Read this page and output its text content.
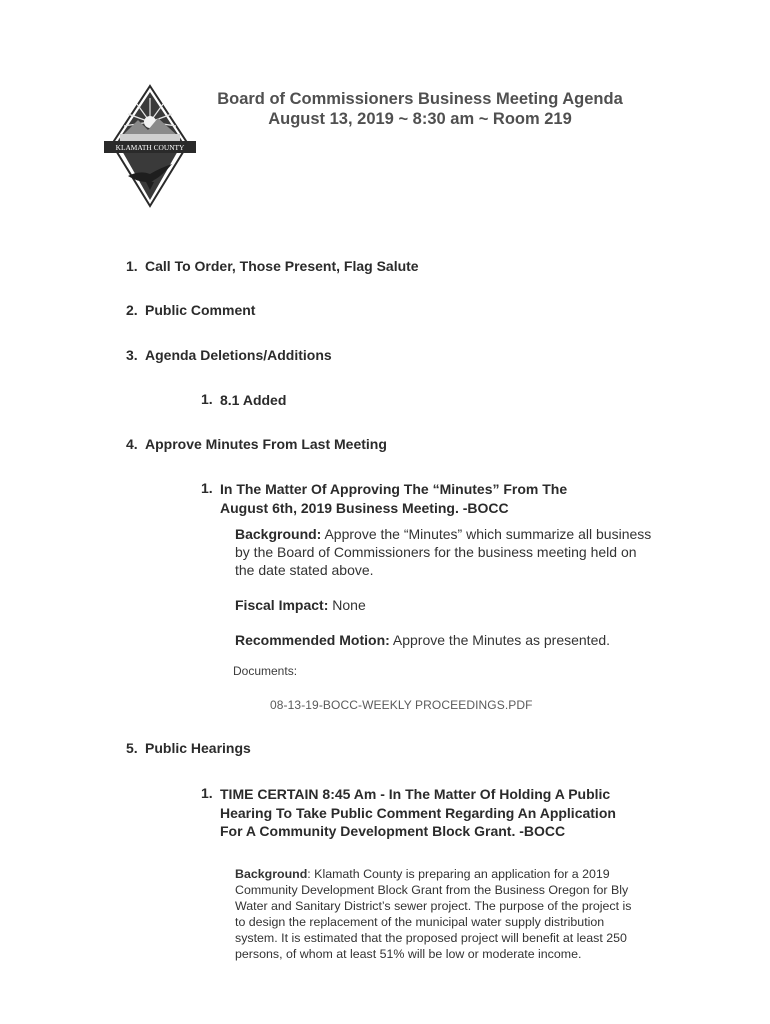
KLAMATH COUNTY
Board of Commissioners Business Meeting Agenda
August 13, 2019 ~ 8:30 am ~ Room 219
1. Call To Order, Those Present, Flag Salute
2. Public Comment
3. Agenda Deletions/Additions
1. 8.1 Added
4. Approve Minutes From Last Meeting
1. In The Matter Of Approving The “Minutes” From The August 6th, 2019 Business Meeting. -BOCC
Background: Approve the “Minutes” which summarize all business by the Board of Commissioners for the business meeting held on the date stated above.
Fiscal Impact: None
Recommended Motion: Approve the Minutes as presented.
Documents:
08-13-19-BOCC-WEEKLY PROCEEDINGS.PDF
5. Public Hearings
1. TIME CERTAIN 8:45 Am - In The Matter Of Holding A Public Hearing To Take Public Comment Regarding An Application For A Community Development Block Grant. -BOCC
Background: Klamath County is preparing an application for a 2019 Community Development Block Grant from the Business Oregon for Bly Water and Sanitary District’s sewer project. The purpose of the project is to design the replacement of the municipal water supply distribution system. It is estimated that the proposed project will benefit at least 250 persons, of whom at least 51% will be low or moderate income.
